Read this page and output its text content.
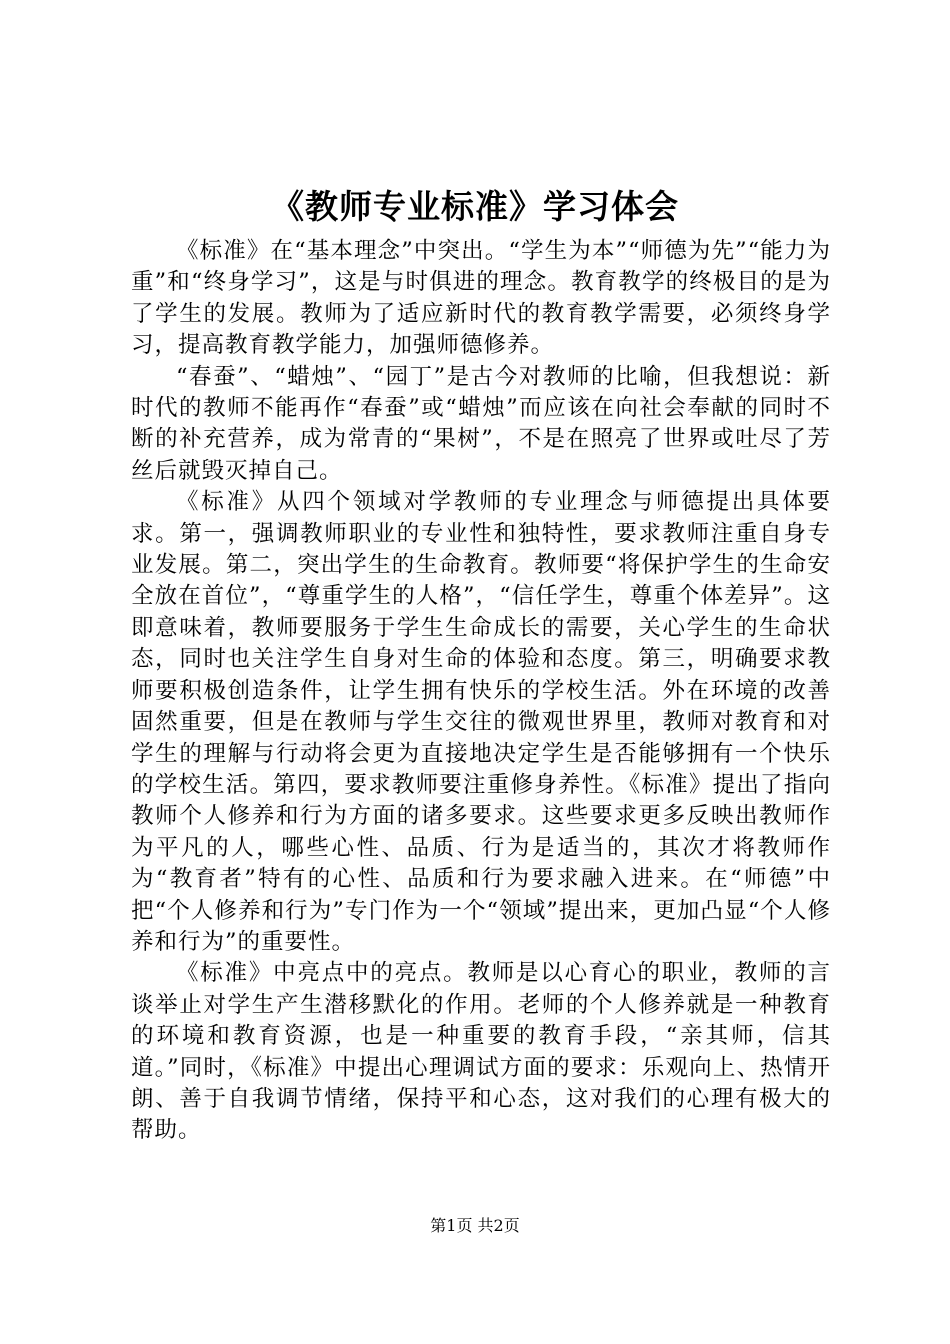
《教师专业标准》学习体会

《标准》在“基本理念”中突出。“学生为本”“师德为先”“能力为重”和“终身学习”，这是与时俱进的理念。教育教学的终极目的是为了学生的发展。教师为了适应新时代的教育教学需要，必须终身学习，提高教育教学能力，加强师德修养。

“春蚕”、“蜡烛”、“园丁”是古今对教师的比喻，但我想说：新时代的教师不能再作“春蚕”或“蜡烛”而应该在向社会奉献的同时不断的补充营养，成为常青的“果树”，不是在照亮了世界或吐尽了芳丝后就毁灭掉自己。

《标准》从四个领域对学教师的专业理念与师德提出具体要求。第一，强调教师职业的专业性和独特性，要求教师注重自身专业发展。第二，突出学生的生命教育。教师要“将保护学生的生命安全放在首位”，“尊重学生的人格”，“信任学生，尊重个体差异”。这即意味着，教师要服务于学生生命成长的需要，关心学生的生命状态，同时也关注学生自身对生命的体验和态度。第三，明确要求教师要积极创造条件，让学生拥有快乐的学校生活。外在环境的改善固然重要，但是在教师与学生交往的微观世界里，教师对教育和对学生的理解与行动将会更为直接地决定学生是否能够拥有一个快乐的学校生活。第四，要求教师要注重修身养性。《标准》提出了指向教师个人修养和行为方面的诸多要求。这些要求更多反映出教师作为平凡的人，哪些心性、品质、行为是适当的，其次才将教师作为“教育者”特有的心性、品质和行为要求融入进来。在“师德”中把“个人修养和行为”专门作为一个“领域”提出来，更加凸显“个人修养和行为”的重要性。

《标准》中亮点中的亮点。教师是以心育心的职业，教师的言谈举止对学生产生潜移默化的作用。老师的个人修养就是一种教育的环境和教育资源，也是一种重要的教育手段，“亲其师，信其道。”同时，《标准》中提出心理调试方面的要求：乐观向上、热情开朗、善于自我调节情绪，保持平和心态，这对我们的心理有极大的帮助。

第1页 共2页
